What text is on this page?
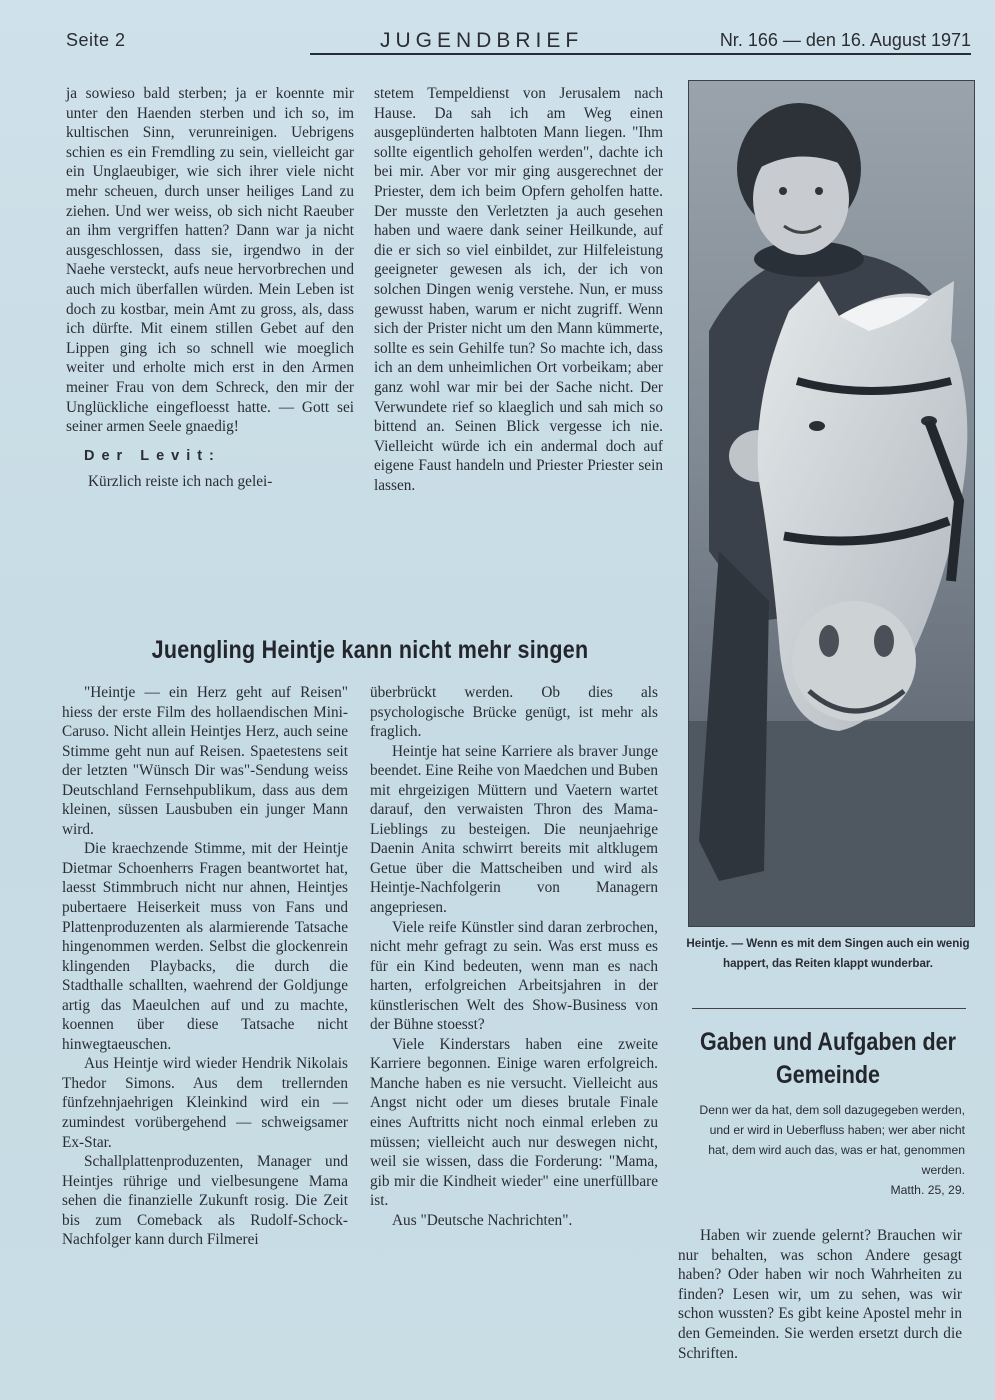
Seite 2	JUGENDBRIEF	Nr. 166 — den 16. August 1971

ja sowieso bald sterben; ja er koennte mir unter den Haenden sterben und ich so, im kultischen Sinn, verunreinigen. Uebrigens schien es ein Fremdling zu sein, vielleicht gar ein Unglaeubiger, wie sich ihrer viele nicht mehr scheuen, durch unser heiliges Land zu ziehen. Und wer weiss, ob sich nicht Raeuber an ihm vergriffen hatten? Dann war ja nicht ausgeschlossen, dass sie, irgendwo in der Naehe versteckt, aufs neue hervorbrechen und auch mich überfallen würden. Mein Leben ist doch zu kostbar, mein Amt zu gross, als, dass ich dürfte. Mit einem stillen Gebet auf den Lippen ging ich so schnell wie moeglich weiter und erholte mich erst in den Armen meiner Frau von dem Schreck, den mir der Unglückliche eingefloesst hatte. — Gott sei seiner armen Seele gnaedig!

Der Levit:

Kürzlich reiste ich nach gelei-

stetem Tempeldienst von Jerusalem nach Hause. Da sah ich am Weg einen ausgeplünderten halbtoten Mann liegen. "Ihm sollte eigentlich geholfen werden", dachte ich bei mir. Aber vor mir ging ausgerechnet der Priester, dem ich beim Opfern geholfen hatte. Der musste den Verletzten ja auch gesehen haben und waere dank seiner Heilkunde, auf die er sich so viel einbildet, zur Hilfeleistung geeigneter gewesen als ich, der ich von solchen Dingen wenig verstehe. Nun, er muss gewusst haben, warum er nicht zugriff. Wenn sich der Prister nicht um den Mann kümmerte, sollte es sein Gehilfe tun? So machte ich, dass ich an dem unheimlichen Ort vorbeikam; aber ganz wohl war mir bei der Sache nicht. Der Verwundete rief so klaeglich und sah mich so bittend an. Seinen Blick vergesse ich nie. Vielleicht würde ich ein andermal doch auf eigene Faust handeln und Priester Priester sein lassen.

Juengling Heintje kann nicht mehr singen

"Heintje — ein Herz geht auf Reisen" hiess der erste Film des hollaendischen Mini-Caruso. Nicht allein Heintjes Herz, auch seine Stimme geht nun auf Reisen. Spaetestens seit der letzten "Wünsch Dir was"-Sendung weiss Deutschland Fernsehpublikum, dass aus dem kleinen, süssen Lausbuben ein junger Mann wird.

Die kraechzende Stimme, mit der Heintje Dietmar Schoenherrs Fragen beantwortet hat, laesst Stimmbruch nicht nur ahnen, Heintjes pubertaere Heiserkeit muss von Fans und Plattenproduzenten als alarmierende Tatsache hingenommen werden. Selbst die glockenrein klingenden Playbacks, die durch die Stadthalle schallten, waehrend der Goldjunge artig das Maeulchen auf und zu machte, koennen über diese Tatsache nicht hinwegtaeuschen.

Aus Heintje wird wieder Hendrik Nikolais Thedor Simons. Aus dem trellernden fünfzehnjaehrigen Kleinkind wird ein — zumindest vorübergehend — schweigsamer Ex-Star.

Schallplattenproduzenten, Manager und Heintjes rührige und vielbesungene Mama sehen die finanzielle Zukunft rosig. Die Zeit bis zum Comeback als Rudolf-Schock-Nachfolger kann durch Filmerei

überbrückt werden. Ob dies als psychologische Brücke genügt, ist mehr als fraglich.

Heintje hat seine Karriere als braver Junge beendet. Eine Reihe von Maedchen und Buben mit ehrgeizigen Müttern und Vaetern wartet darauf, den verwaisten Thron des Mama-Lieblings zu besteigen. Die neunjaehrige Daenin Anita schwirrt bereits mit altklugem Getue über die Mattscheiben und wird als Heintje-Nachfolgerin von Managern angepriesen.

Viele reife Künstler sind daran zerbrochen, nicht mehr gefragt zu sein. Was erst muss es für ein Kind bedeuten, wenn man es nach harten, erfolgreichen Arbeitsjahren in der künstlerischen Welt des Show-Business von der Bühne stoesst?

Viele Kinderstars haben eine zweite Karriere begonnen. Einige waren erfolgreich. Manche haben es nie versucht. Vielleicht aus Angst nicht oder um dieses brutale Finale eines Auftritts nicht noch einmal erleben zu müssen; vielleicht auch nur deswegen nicht, weil sie wissen, dass die Forderung: "Mama, gib mir die Kindheit wieder" eine unerfüllbare ist.

Aus "Deutsche Nachrichten".

Heintje. — Wenn es mit dem Singen auch ein wenig happert, das Reiten klappt wunderbar.
Gaben und Aufgaben der Gemeinde
Denn wer da hat, dem soll dazugegeben werden, und er wird in Ueberfluss haben; wer aber nicht hat, dem wird auch das, was er hat, genommen werden.
Matth. 25, 29.

Haben wir zuende gelernt? Brauchen wir nur behalten, was schon Andere gesagt haben? Oder haben wir noch Wahrheiten zu finden? Lesen wir, um zu sehen, was wir schon wussten? Es gibt keine Apostel mehr in den Gemeinden. Sie werden ersetzt durch die Schriften.
